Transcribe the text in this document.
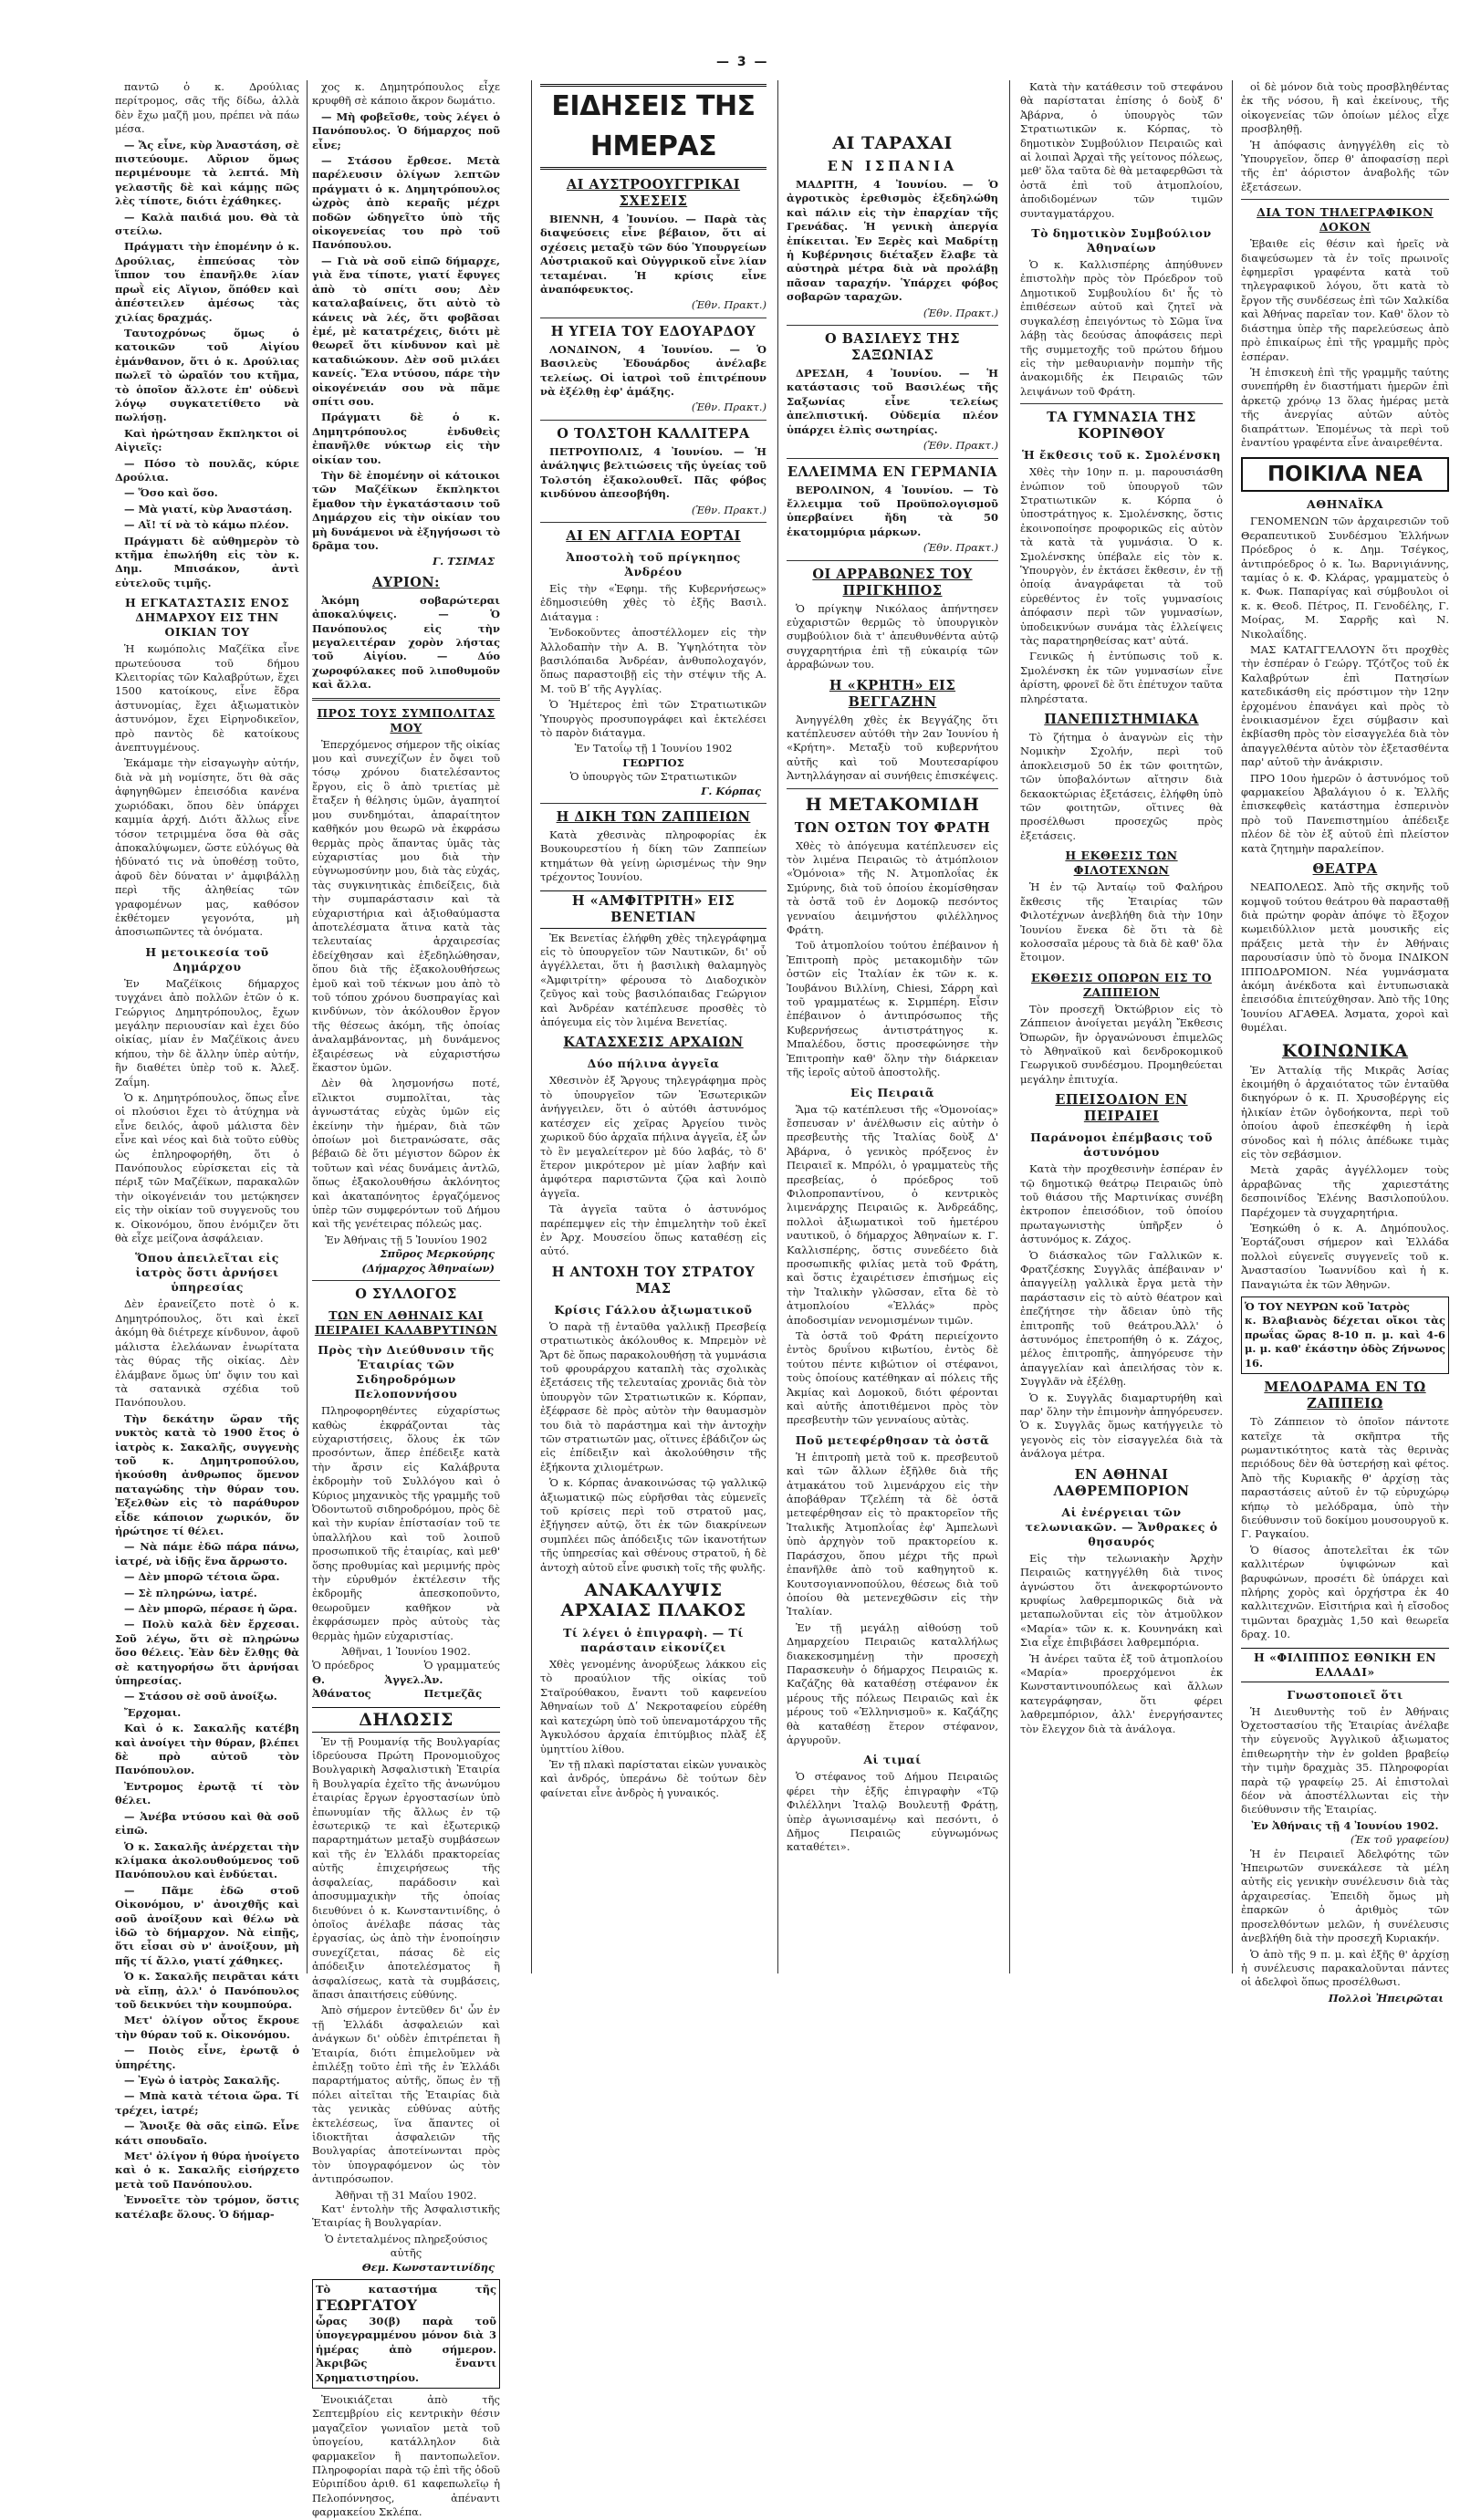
— 3 —

παντῶ ὁ κ. Δρούλιας περίτρομος, σᾶς τῆς δίδω, ἀλλὰ δὲν ἔχω μαζῆ μου, πρέπει νὰ πάω μέσα.

— Ἄς εἶνε, κὺρ Ἀναστάση, σὲ πιστεύουμε. Αὔριον ὅμως περιμένουμε τὰ λεπτά. Μὴ γελαστῆς δὲ καὶ κάμῃς πῶς λὲς τίποτε, διότι ἐχάθηκες.

— Καλὰ παιδιά μου. Θὰ τὰ στείλω.

Πράγματι τὴν ἐπομένην ὁ κ. Δρούλιας, ἐππεύσας τὸν ἵππον του ἐπανῆλθε λίαν πρωῒ εἰς Αἴγιον, ὅπόθεν καὶ ἀπέστειλεν ἀμέσως τὰς χιλίας δραχμάς.

Ταυτοχρόνως ὅμως ὁ κατοικῶν τοῦ Αἰγίου ἐμάνθανον, ὅτι ὁ κ. Δρούλιας πωλεῖ τὸ ὡραῖόν του κτῆμα, τὸ ὁποῖον ἄλλοτε ἐπ' οὐδενὶ λόγῳ συγκατετίθετο νὰ πωλήσῃ.

Καὶ ἠρώτησαν ἔκπληκτοι οἱ Αἰγιεῖς:

— Πόσο τὸ πουλᾶς, κύριε Δρούλια.

— Ὅσο καὶ ὅσο.

— Μὰ γιατί, κὺρ Ἀναστάση.

— Αἴ! τί νὰ τὸ κάμω πλέον.

Πράγματι δὲ αὐθημερὸν τὸ κτῆμα ἐπωλήθη εἰς τὸν κ. Δημ. Μπισάκον, ἀντὶ εὐτελοῦς τιμῆς.

Η ΕΓΚΑΤΑΣΤΑΣΙΣ ΕΝΟΣ ΔΗΜΑΡΧΟΥ ΕΙΣ ΤΗΝ ΟΙΚΙΑΝ ΤΟΥ

Ἡ κωμόπολις Μαζέϊκα εἶνε πρωτεύουσα τοῦ δήμου Κλειτορίας τῶν Καλαβρύτων, ἔχει 1500 κατοίκους, εἶνε ἕδρα ἀστυνομίας, ἔχει ἀξιωματικὸν ἀστυνόμον, ἔχει Εἰρηνοδικεῖον, πρὸ παντὸς δὲ κατοίκους ἀνεπτυγμένους.

Ἐκάμαμε τὴν εἰσαγωγὴν αὐτήν, διὰ νὰ μὴ νομίσητε, ὅτι θὰ σᾶς ἀφηγηθῶμεν ἐπεισόδια κανένα χωριόδακι, ὅπου δὲν ὑπάρχει καμμία ἀρχή. Διότι ἄλλως εἶνε τόσον τετριμμένα ὅσα θὰ σᾶς ἀποκαλύψωμεν, ὥστε εὐλόγως θὰ ἠδύνατό τις νὰ ὑποθέσῃ τοῦτο, ἀφοῦ δὲν δύναται ν' ἀμφιβάλλῃ περὶ τῆς ἀληθείας τῶν γραφομένων μας, καθόσον ἐκθέτομεν γεγονότα, μὴ ἀποσιωπῶντες τὰ ὀνόματα.

Η μετοικεσία τοῦ Δημάρχου

Ἐν Μαζέϊκοις δήμαρχος τυγχάνει ἀπὸ πολλῶν ἐτῶν ὁ κ. Γεώργιος Δημητρόπουλος, ἔχων μεγάλην περιουσίαν καὶ ἐχει δύο οἰκίας, μίαν ἐν Μαζέϊκοις ἀνευ κήπου, τὴν δὲ ἄλλην ὑπὲρ αὐτήν, ἣν διαθέτει ὑπὲρ τοῦ κ. Ἀλεξ. Ζαΐμη.

Ὁ κ. Δημητρόπουλος, ὅπως εἶνε οἱ πλούσιοι ἔχει τὸ ἀτύχημα νὰ εἶνε δειλός, ἀφοῦ μάλιστα δὲν εἶνε καὶ νέος καὶ διὰ τοῦτο εὐθὺς ὡς ἐπληροφορήθη, ὅτι ὁ Πανόπουλος εὑρίσκεται εἰς τὰ πέριξ τῶν Μαζέϊκων, παρακαλῶν τὴν οἰκογένειάν του μετῴκησεν εἰς τὴν οἰκίαν τοῦ συγγενοῦς του κ. Οἰκονόμου, ὅπου ἐνόμιζεν ὅτι θὰ εἶχε μείζονα ἀσφάλειαν.

Ὅπου ἀπειλεῖται εἰς ἰατρὸς ὅστι ἀρνήσει ὑπηρεσίας

Δὲν ἐρανείζετο ποτὲ ὁ κ. Δημητρόπουλος, ὅτι καὶ ἐκεῖ ἀκόμη θὰ διέτρεχε κίνδυνον, ἀφοῦ μάλιστα ἐλελάωναν ἐνωρίτατα τὰς θύρας τῆς οἰκίας. Δὲν ἐλάμβανε ὅμως ὑπ' ὄψιν του καὶ τὰ σατανικὰ σχέδια τοῦ Πανόπουλου.

Τὴν δεκάτην ὥραν τῆς νυκτὸς κατὰ τὸ 1900 ἔτος ὁ ἰατρὸς κ. Σακαλῆς, συγγενὴς τοῦ κ. Δημητροπούλου, ἠκούσθη ἀνθρωπος ὅμενον παταγώδης τὴν θύραν του. Ἐξελθὼν εἰς τὸ παράθυρον εἶδε κάποιον χωρικόν, ὅν ἠρώτησε τί θέλει.

— Νὰ πάμε ἐδῶ πάρα πάνω, ἰατρέ, νὰ ἰδῇς ἕνα ἄρρωστο.

— Δὲν μπορῶ τέτοια ὥρα.

— Σὲ πληρώνω, ἰατρέ.

— Δὲν μπορῶ, πέρασε ἡ ὥρα.

— Πολὺ καλὰ δὲν ἔρχεσαι. Σοῦ λέγω, ὅτι σὲ πληρώνω ὅσο θέλεις. Ἐὰν δὲν ἔλθῃς θὰ σὲ κατηγορήσω ὅτι ἀρνήσαι ὑπηρεσίας.

— Στάσου σὲ σοῦ ἀνοίξω.

Ἔρχομαι.

Καὶ ὁ κ. Σακαλῆς κατέβη καὶ ἀνοίγει τὴν θύραν, βλέπει δὲ πρὸ αὐτοῦ τὸν Πανόπουλον.

Ἐντρομος ἐρωτᾷ τί τὸν θέλει.

— Ἀνέβα ντύσου καὶ θὰ σοῦ εἰπῶ.

Ὁ κ. Σακαλῆς ἀνέρχεται τὴν κλίμακα ἀκολουθούμενος τοῦ Πανόπουλου καὶ ἐνδύεται.

— Πᾶμε ἐδῶ στοῦ Οἰκονόμου, ν' ἀνοιχθῆς καὶ σοῦ ἀνοίξουν καὶ θέλω νὰ ἰδῶ τὸ δήμαρχον. Νὰ εἰπῇς, ὅτι εἶσαι σὺ ν' ἀνοίξουν, μὴ πῆς τί ἄλλο, γιατί χάθηκες.

Ὁ κ. Σακαλῆς πειρᾶται κάτι νὰ εἴπῃ, ἀλλ' ὁ Πανόπουλος τοῦ δεικνύει τὴν κουμπούρα.

Μετ' ὀλίγον οὗτος ἔκρουε τὴν θύραν τοῦ κ. Οἰκονόμου.

— Ποιὸς εἶνε, ἐρωτᾷ ὁ ὑπηρέτης.

— Ἐγὼ ὁ ἰατρὸς Σακαλῆς.

— Μπὰ κατὰ τέτοια ὥρα. Τί τρέχει, ἰατρέ;

— Ἄνοιξε θὰ σᾶς εἰπῶ. Εἶνε κάτι σπουδαῖο.

Μετ' ὀλίγον ἡ θύρα ἠνοίγετο καὶ ὁ κ. Σακαλῆς εἰσήρχετο μετὰ τοῦ Πανόπουλου.

Ἐννοεῖτε τὸν τρόμον, ὅστις κατέλαβε ὅλους. Ὁ δήμαρ-

χος κ. Δημητρόπουλος εἶχε κρυφθῆ σὲ κάποιο ἄκρον δωμάτιο.

— Μὴ φοβεῖσθε, τοὺς λέγει ὁ Πανόπουλος. Ὁ δήμαρχος ποῦ εἶνε;

— Στάσου ἔρθεσε. Μετὰ παρέλευσιν ὀλίγων λεπτῶν πράγματι ὁ κ. Δημητρόπουλος ὠχρὸς ἀπὸ κεραῆς μέχρι ποδῶν ὡδηγεῖτο ὑπὸ τῆς οἰκογενείας του πρὸ τοῦ Πανόπουλου.

— Γιὰ νὰ σοῦ εἰπῶ δήμαρχε, γιὰ ἕνα τίποτε, γιατί ἔφυγες ἀπὸ τὸ σπίτι σου; Δὲν καταλαβαίνεις, ὅτι αὐτὸ τὸ κάνεις νὰ λές, ὅτι φοβᾶσαι ἐμέ, μὲ κατατρέχεις, διότι μὲ θεωρεῖ ὅτι κίνδυνον καὶ μὲ καταδιώκουν. Δὲν σοῦ μιλάει κανείς. Ἔλα ντύσου, πάρε τὴν οἰκογένειάν σου νὰ πᾶμε σπίτι σου.

Πράγματι δὲ ὁ κ. Δημητρόπουλος ἐνδυθεὶς ἐπανῆλθε νύκτωρ εἰς τὴν οἰκίαν του.

Τὴν δὲ ἐπομένην οἱ κάτοικοι τῶν Μαζέϊκων ἔκπληκτοι ἔμαθον τὴν ἐγκατάστασιν τοῦ Δημάρχου εἰς τὴν οἰκίαν του μὴ δυνάμενοι νὰ ἐξηγήσωσι τὸ δρᾶμα του.

Γ. ΤΣΙΜΑΣ
ΑΥΡΙΟΝ:

Ἀκόμη σοβαρώτεραι ἀποκαλύψεις. — Ὁ Πανόπουλος εἰς τὴν μεγαλειτέραν χορὸν λήστας τοῦ Αἰγίου. — Δύο χωροφύλακες ποῦ λιποθυμοῦν καὶ ἄλλα.

ΠΡΟΣ ΤΟΥΣ ΣΥΜΠΟΛΙΤΑΣ ΜΟΥ

Ἐπερχόμενος σήμερον τῆς οἰκίας μου καὶ συνεχίζων ἐν ὄψει τοῦ τόσῳ χρόνου διατελέσαντος ἔργου, εἰς ὃ ἀπὸ τριετίας μὲ ἔταξεν ἡ θέλησις ὑμῶν, ἀγαπητοί μου συνδημόται, ἀπαραίτητον καθῆκόν μου θεωρῶ νὰ ἐκφράσω θερμὰς πρὸς ἅπαντας ὑμᾶς τὰς εὐχαριστίας μου διὰ τὴν εὐγνωμοσύνην μου, διὰ τὰς εὐχάς, τὰς συγκινητικὰς ἐπιδείξεις, διὰ τὴν συμπαράστασιν καὶ τὰ εὐχαριστήρια καὶ ἀξιοθαύμαστα ἀποτελέσματα ἅτινα κατὰ τὰς τελευταίας ἀρχαιρεσίας ἐδείχθησαν καὶ ἐξεδηλώθησαν, ὅπου διὰ τῆς ἐξακολουθήσεως ἐμοῦ καὶ τοῦ τέκνων μου ἀπὸ τὸ τοῦ τόπου χρόνου δυσπραγίας καὶ κινδύνων, τὸν ἀκόλουθον ἔργον τῆς θέσεως ἀκόμη, τῆς ὁποίας ἀναλαμβάνοντας, μὴ δυνάμενος ἐξαιρέσεως νὰ εὐχαριστήσω ἕκαστον ὑμῶν.

Δὲν θὰ λησμονήσω ποτέ, εἴλικτοι συμπολῖται, τὰς ἀγνωστάτας εὐχὰς ὑμῶν εἰς ἐκείνην τὴν ἡμέραν, διὰ τῶν ὁποίων μοὶ διετρανώσατε, σᾶς βέβαιῶ δὲ ὅτι μέγιστον δῶρον ἐκ τοῦτων καὶ νέας δυνάμεις ἀντλῶ, ὅπως ἐξακολουθήσω ἀκλόνητος καὶ ἀκαταπόνητος ἐργαζόμενος ὑπὲρ τῶν συμφερόντων τοῦ Δήμου καὶ τῆς γενέτειρας πόλεώς μας.

Ἐν Ἀθήναις τῇ 5 Ἰουνίου 1902
Σπῦρος Μερκούρης
(Δήμαρχος Ἀθηναίων)
Ο ΣΥΛΛΟΓΟΣ
ΤΩΝ ΕΝ ΑΘΗΝΑΙΣ ΚΑΙ ΠΕΙΡΑΙΕΙ ΚΑΛΑΒΡΥΤΙΝΩΝ
Πρὸς τὴν Διεύθυνσιν τῆς Ἑταιρίας τῶν Σιδηροδρόμων Πελοποννήσου

Πληροφορηθέντες εὐχαρίστως καθὼς ἐκφράζονται τὰς εὐχαριστήσεις, ὅλους ἐκ τῶν προσόντων, ἅπερ ἐπέδειξε κατὰ τὴν ἄρσιν εἰς Καλάβρυτα ἐκδρομὴν τοῦ Συλλόγου καὶ ὁ Κύριος μηχανικὸς τῆς γραμμῆς τοῦ Ὀδοντωτοῦ σιδηροδρόμου, πρὸς δὲ καὶ τὴν κυρίαν ἐπίστασίαν τοῦ τε ὑπαλλήλου καὶ τοῦ λοιποῦ προσωπικοῦ τῆς ἑταιρίας, καὶ μεθ' ὅσης προθυμίας καὶ μεριμνής πρὸς τὴν εὐρυθμόν ἐκτέλεσιν τῆς ἐκδρομῆς ἀπεσκοποῦντο, θεωροῦμεν καθῆκον νὰ ἐκφράσωμεν πρὸς αὐτοὺς τὰς θερμὰς ἡμῶν εὐχαριστίας.

Ἀθῆναι, 1 Ἰουνίου 1902.
Ὁ πρόεδρος	Ὁ γραμματεύς
Θ. Ἀγγελ. Ἀθάνατος
Ἀν. Πετμεζᾶς
ΔΗΛΩΣΙΣ

Ἐν τῇ Ρουμανίᾳ τῆς Βουλγαρίας ἱδρεύουσα Πρώτη Προνομιοῦχος Βουλγαρικὴ Ἀσφαλιστικὴ Ἑταιρία ἢ Βουλγαρία ἐχεῖτο τῆς ἀνωνύμου ἑταιρίας ἔργων ἐργοστασίων ὑπὸ ἐπωνυμίαν τῆς ἄλλως ἐν τῷ ἐσωτερικῷ τε καὶ ἐξωτερικῷ παραρτημάτων μεταξὺ συμβάσεων καὶ τῆς ἐν Ἑλλάδι πρακτορείας αὐτῆς ἐπιχειρήσεως τῆς ἀσφαλείας, παράδοσιν καὶ ἀποσυμμαχικὴν τῆς ὁποίας διευθύνει ὁ κ. Κωνσταντινίδης, ὁ ὁποῖος ἀνέλαβε πάσας τὰς ἐργασίας, ὡς ἀπὸ τὴν ἐνοποίησιν συνεχίζεται, πάσας δὲ εἰς ἀπόδειξιν ἀποτελέσματος ἢ ἀσφαλίσεως, κατὰ τὰ συμβάσεις, ἅπασι ἀπαιτήσεις εὐθύνης.

Ἀπὸ σήμερον ἐντεῦθεν δι' ὧν ἐν τῇ Ἑλλάδι ἀσφαλειών καὶ ἀνάγκων δι' οὐδὲν ἐπιτρέπεται ἢ Ἑταιρία, διότι ἐπιμελοῦμεν νὰ ἐπιλέξῃ τοῦτο ἐπὶ τῆς ἐν Ἑλλάδι παραρτήματος αὐτῆς, ὅπως ἐν τῇ πόλει αἰτεῖται τῆς Ἑταιρίας διὰ τὰς γενικὰς εὐθύνας αὐτῆς ἐκτελέσεως, ἵνα ἅπαντες οἱ ἰδιοκτῆται ἀσφαλειῶν τῆς Βουλγαρίας ἀποτείνωνται πρὸς τὸν ὑπογραφόμενον ὡς τὸν ἀντιπρόσωπον.

Ἀθῆναι τῇ 31 Μαΐου 1902.

Κατ' ἐντολὴν τῆς Ἀσφαλιστικῆς Ἑταιρίας ἢ Βουλγαρίαν.

Ὁ ἐντεταλμένος πληρεξούσιος αὐτῆς
Θεμ. Κωνσταντινίδης
Τὸ καταστήμα τῆς ΓΕΩΡΓΑΤΟΥ
ὦρας 30(β) παρὰ τοῦ ὑπογεγραμμένου μόνον διὰ 3 ἡμέρας ἀπὸ σήμερον. Ἀκριβῶς ἔναντι Χρηματιστηρίου.

Ἐνοικιάζεται ἀπὸ τῆς Σεπτεμβρίου εἰς κεντρικὴν θέσιν μαγαζεῖον γωνιαῖον μετὰ τοῦ ὑπογείου, κατάλληλον διὰ φαρμακεῖον ἢ παντοπωλεῖον. Πληροφορίαι παρὰ τῷ ἐπὶ τῆς ὁδοῦ Εὐριπίδου ἀριθ. 61 καφεπωλεῖῳ ἡ Πελοπόννησος, ἀπέναντι φαρμακείου Σκλέπα.

ΕΙΔΗΣΕΙΣ ΤΗΣ ΗΜΕΡΑΣ
ΑΙ ΑΥΣΤΡΟΟΥΓΓΡΙΚΑΙ ΣΧΕΣΕΙΣ

ΒΙΕΝΝΗ, 4 Ἰουνίου. — Παρὰ τὰς διαψεύσεις εἶνε βέβαιον, ὅτι αἱ σχέσεις μεταξὺ τῶν δύο Ὑπουργείων Αὐστριακοῦ καὶ Οὐγγρικοῦ εἶνε λίαν τεταμέναι. Ἡ κρίσις εἶνε ἀναπόφευκτος.

(Ἐθν. Πρακτ.)
Η ΥΓΕΙΑ ΤΟΥ ΕΔΟΥΑΡΔΟΥ

ΛΟΝΔΙΝΟΝ, 4 Ἰουνίου. — Ὁ Βασιλεὺς Ἐδουάρδος ἀνέλαβε τελείως. Οἱ ἰατροὶ τοῦ ἐπιτρέπουν νὰ ἐξέλθῃ ἐφ' ἁμάξης.

(Ἐθν. Πρακτ.)
Ο ΤΟΛΣΤΟΗ ΚΑΛΛΙΤΕΡΑ

ΠΕΤΡΟΥΠΟΛΙΣ, 4 Ἰουνίου. — Ἡ ἀνάληψις βελτιώσεις τῆς ὑγείας τοῦ Τολστόη ἐξακολουθεῖ. Πᾶς φόβος κινδύνου ἀπεσοβήθη.

(Ἐθν. Πρακτ.)
ΑΙ ΕΝ ΑΓΓΛΙΑ ΕΟΡΤΑΙ
Ἀποστολὴ τοῦ πρίγκηπος Ἀνδρέου

Εἰς τὴν «Ἐφημ. τῆς Κυβερνήσεως» ἐδημοσιεύθη χθὲς τὸ ἑξῆς Βασιλ. Διάταγμα :

Ἐνδοκοῦντες ἀποστέλλομεν εἰς τὴν Ἀλλοδαπὴν τὴν Α. Β. Ὑψηλότητα τὸν βασιλόπαιδα Ἀνδρέαν, ἀνθυπολοχαγόν, ὅπως παραστοιβῇ εἰς τὴν στέψιν τῆς Α. Μ. τοῦ Βʹ τῆς Αγγλίας.

Ὁ Ἡμέτερος ἐπὶ τῶν Στρατιωτικῶν Ὑπουργὸς προσυπογράφει καὶ ἐκτελέσει τὸ παρὸν διάταγμα.

Ἐν Τατοΐῳ τῇ 1 Ἰουνίου 1902
ΓΕΩΡΓΙΟΣ
Ὁ ὑπουργὸς τῶν Στρατιωτικῶν
Γ. Κόρπας
Η ΔΙΚΗ ΤΩΝ ΖΑΠΠΕΙΩΝ

Κατὰ χθεσινὰς πληροφορίας ἐκ Βουκουρεστίου ἡ δίκη τῶν Ζαππείων κτημάτων θὰ γείνῃ ὡρισμένως τὴν 9ην τρέχοντος Ἰουνίου.

Η «ΑΜΦΙΤΡΙΤΗ» ΕΙΣ ΒΕΝΕΤΙΑΝ

Ἐκ Βενετίας ἐλήφθη χθὲς τηλεγράφημα εἰς τὸ ὑπουργεῖον τῶν Ναυτικῶν, δι' οὗ ἀγγέλλεται, ὅτι ἡ βασιλικὴ θαλαμηγὸς «Ἀμφιτρίτη» φέρουσα τὸ Διαδοχικὸν ζεῦγος καὶ τοὺς βασιλόπαιδας Γεώργιον καὶ Ἀνδρέαν κατέπλευσε προσθὲς τὸ ἀπόγευμα εἰς τὸν λιμένα Βενετίας.

ΚΑΤΑΣΧΕΣΙΣ ΑΡΧΑΙΩΝ
Δύο πήλινα ἀγγεῖα

Χθεσινὸν ἐξ Ἄργους τηλεγράφημα πρὸς τὸ ὑπουργεῖον τῶν Ἐσωτερικῶν ἀνήγγειλεν, ὅτι ὁ αὐτόθι ἀστυνόμος κατέσχεν εἰς χεῖρας Ἀργείου τινὸς χωρικοῦ δύο ἀρχαῖα πήλινα ἀγγεῖα, ἐξ ὧν τὸ ἓν μεγαλείτερον μὲ δύο λαβάς, τὸ δ' ἕτερον μικρότερον μὲ μίαν λαβήν καὶ ἀμφότερα παριστῶντα ζῷα καὶ λοιπὸ ἀγγεῖα.

Τὰ ἀγγεῖα ταῦτα ὁ ἀστυνόμος παρέπεμψεν εἰς τὴν ἐπιμελητὴν τοῦ ἐκεῖ ἐν Ἀρχ. Μουσείου ὅπως καταθέσῃ εἰς αὐτό.

Η ΑΝΤΟΧΗ ΤΟΥ ΣΤΡΑΤΟΥ ΜΑΣ
Κρίσις Γάλλου ἀξιωματικοῦ

Ὁ παρὰ τῇ ἐνταῦθα γαλλικῇ Πρεσβείᾳ στρατιωτικὸς ἀκόλουθος κ. Μπρεμὸν νὲ Ἄρτ δὲ ὅπως παρακολουθήσῃ τὰ γυμνάσια τοῦ φρουράρχου καταπλὴ τὰς σχολικὰς ἐξετάσεις τῆς τελευταίας χρονιᾶς διὰ τὸν ὑπουργὸν τῶν Στρατιωτικῶν κ. Κόρπαν, ἐξέφρασε δὲ πρὸς αὐτὸν τὴν θαυμασμὸν του διὰ τὸ παράστημα καὶ τὴν ἀντοχὴν τῶν στρατιωτῶν μας, οἵτινες ἐβάδιζον ὡς εἰς ἐπίδειξιν καὶ ἀκολούθησιν τῆς ἑξήκοντα χιλιομέτρων.

Ὁ κ. Κόρπας ἀνακοινώσας τῷ γαλλικῷ ἀξιωματικῷ πὼς εὑρῆσθαι τὰς εὐμενεῖς τοῦ κρίσεις περὶ τοῦ στρατοῦ μας, ἐξήγησεν αὐτῷ, ὅτι ἐκ τῶν διακρίνεων συμπλέει πῶς ἀπόδειξις τῶν ἱκανοτήτων τῆς ὑπηρεσίας καὶ σθένους στρατοῦ, ἡ δὲ ἀντοχὴ αὐτοῦ εἶνε φυσικὴ τοῖς τῆς φυλῆς.

ΑΝΑΚΑΛΥΨΙΣ ΑΡΧΑΙΑΣ ΠΛΑΚΟΣ
Τί λέγει ὁ ἐπιγραφὴ. — Τί παράσταιν εἰκονίζει

Χθὲς γενομένης ἀνορύξεως λάκκου εἰς τὸ προαύλιον τῆς οἰκίας τοῦ Σταϊρούθακου, ἔναντι τοῦ καφενείου Ἀθηναίων τοῦ Δʹ Νεκροταφείου εὑρέθη καὶ κατεχώρη ὑπὸ τοῦ ὑπεναμοτάρχου τῆς Ἀγκυλόσου ἀρχαία ἐπιτύμβιος πλὰξ ἐξ ὑμηττίου λίθου.

Ἐν τῇ πλακὶ παρίσταται εἰκὼν γυναικὸς καὶ ἀνδρός, ὑπεράνω δὲ τούτων δὲν φαίνεται εἶνε ἀνδρὸς ἡ γυναικός.

ΑΙ ΤΑΡΑΧΑΙ
ΕΝ ΙΣΠΑΝΙΑ

ΜΑΔΡΙΤΗ, 4 Ἰουνίου. — Ὁ ἀγροτικὸς ἐρεθισμὸς ἐξεδηλώθη καὶ πάλιν εἰς τὴν ἐπαρχίαν τῆς Γρενάδας. Ἡ γενικὴ ἀπεργία ἐπίκειται. Ἐν Ξερὲς καὶ Μαδρίτῃ ἡ Κυβέρνησις διέταξεν ἔλαβε τὰ αὐστηρὰ μέτρα διὰ νὰ προλάβῃ πᾶσαν ταραχήν. Ὑπάρχει φόβος σοβαρῶν ταραχῶν.

(Ἐθν. Πρακτ.)
Ο ΒΑΣΙΛΕΥΣ ΤΗΣ ΣΑΞΩΝΙΑΣ

ΔΡΕΣΔΗ, 4 Ἰουνίου. — Ἡ κατάστασις τοῦ Βασιλέως τῆς Σαξωνίας εἶνε τελείως ἀπελπιστική. Οὐδεμία πλέον ὑπάρχει ἐλπὶς σωτηρίας.

(Ἐθν. Πρακτ.)
ΕΛΛΕΙΜΜΑ ΕΝ ΓΕΡΜΑΝΙΑ

ΒΕΡΟΛΙΝΟΝ, 4 Ἰουνίου. — Τὸ ἔλλειμμα τοῦ Προϋπολογισμοῦ ὑπερβαίνει ἤδη τὰ 50 ἑκατομμύρια μάρκων.

(Ἐθν. Πρακτ.)
ΟΙ ΑΡΡΑΒΩΝΕΣ ΤΟΥ ΠΡΙΓΚΗΠΟΣ

Ὁ πρίγκηψ Νικόλαος ἀπήντησεν εὐχαριστῶν θερμῶς τὸ ὑπουργικὸν συμβούλιον διὰ τ' ἀπευθυνθέντα αὐτῷ συγχαρητήρια ἐπὶ τῇ εὐκαιρίᾳ τῶν ἀρραβώνων του.

Η «ΚΡΗΤΗ» ΕΙΣ ΒΕΓΓΑΖΗΝ

Ἀνηγγέλθη χθὲς ἐκ Βεγγάζης ὅτι κατέπλευσεν αὐτόθι τὴν 2αν Ἰουνίου ἡ «Κρήτη». Μεταξὺ τοῦ κυβερνήτου αὐτῆς καὶ τοῦ Μουτεσαρίφου Ἀντηλλάγησαν αἱ συνήθεις ἐπισκέψεις.

Η ΜΕΤΑΚΟΜΙΔΗ
ΤΩΝ ΟΣΤΩΝ ΤΟΥ ΦΡΑΤΗ

Χθὲς τὸ ἀπόγευμα κατέπλευσεν εἰς τὸν λιμένα Πειραιῶς τὸ ἀτμόπλοιον «Ὁμόνοια» τῆς Ν. Ἀτμοπλοΐας ἐκ Σμύρνης, διὰ τοῦ ὁποίου ἐκομίσθησαν τὰ ὀστᾶ τοῦ ἐν Δομοκῷ πεσόντος γενναίου ἀειμνήστου φιλέλληνος Φράτη.

Τοῦ ἀτμοπλοίου τούτου ἐπέβαινον ἡ Ἐπιτροπὴ πρὸς μετακομιδὴν τῶν ὀστῶν εἰς Ἰταλίαν ἐκ τῶν κ. κ. Ἰουβάνου Βιλλίνη, Chiesi, Σάρρη καὶ τοῦ γραμματέως κ. Σιρμπέρη. Εἶσιν ἐπέβαινον ὁ ἀντιπρόσωπος τῆς Κυβερνήσεως ἀντιστράτηγος κ. Μπαλέδου, ὅστις προσεφώνησε τὴν Ἐπιτροπὴν καθ' ὅλην τὴν διάρκειαν τῆς ἱεροῖς αὐτοῦ ἀποστολῆς.

Εἰς Πειραιᾶ

Ἅμα τῷ κατέπλευσι τῆς «Ὁμονοίας» ἔσπευσαν ν' ἀνέλθωσιν εἰς αὐτὴν ὁ πρεσβευτὴς τῆς Ἰταλίας δοὺξ Δ' Ἀβάρνα, ὁ γενικὸς πρόξενος ἐν Πειραιεῖ κ. Μπρόλι, ὁ γραμματεὺς τῆς πρεσβείας, ὁ πρόεδρος τοῦ Φιλοπροπαντίνου, ὁ κεντρικὸς λιμενάρχης Πειραιῶς κ. Ἀνδρεάδης, πολλοὶ ἀξιωματικοὶ τοῦ ἡμετέρου ναυτικοῦ, ὁ δήμαρχος Ἀθηναίων κ. Γ. Καλλισπέρης, ὅστις συνεδέετο διὰ προσωπικῆς φιλίας μετὰ τοῦ Φράτη, καὶ ὅστις ἐχαιρέτισεν ἐπισήμως εἰς τὴν Ἰταλικὴν γλῶσσαν, εἴτα δὲ τὸ ἀτμοπλοίου «Ἑλλάς» πρὸς ἀποδοσιμίαν νενομισμένων τιμῶν.

Τὰ ὀστᾶ τοῦ Φράτη περιείχοντο ἐντὸς δρυΐνου κιβωτίου, ἐντὸς δὲ τούτου πέντε κιβώτιον οἱ στέφανοι, τοὺς ὁποίους κατέθηκαν αἱ πόλεις τῆς Ἀκμίας καὶ Δομοκοῦ, διότι φέρονται καὶ αὐτῆς ἀποτιθέμενοι πρὸς τὸν πρεσβευτὴν τῶν γενναίους αὐτὰς.

Ποῦ μετεφέρθησαν τὰ ὀστᾶ

Ἡ ἐπιτροπὴ μετὰ τοῦ κ. πρεσβευτοῦ καὶ τῶν ἄλλων ἐξῆλθε διὰ τῆς ἀτμακάτου τοῦ λιμενάρχου εἰς τὴν ἀποβάθραν Τζελέπη τὰ δὲ ὀστᾶ μετεφέρθησαν εἰς τὸ πρακτορεῖον τῆς Ἰταλικῆς Ἀτμοπλοΐας ἐφ' Ἀμπελωνὶ ὑπὸ ἀρχηγὸν τοῦ πρακτορείου κ. Παράσχου, ὅπου μέχρι τῆς πρωὶ ἐπανῆλθε ἀπὸ τοῦ καθηγητοῦ κ. Κουτσογιαννοπούλου, θέσεως διὰ τοῦ ὁποίου θὰ μετενεχθῶσιν εἰς τὴν Ἰταλίαν.

Ἐν τῇ μεγάλῃ αἰθούσῃ τοῦ Δημαρχείου Πειραιῶς καταλλήλως διακεκοσμημένῃ τὴν προσεχὴ Παρασκευὴν ὁ δήμαρχος Πειραιῶς κ. Καζάζης θὰ καταθέσῃ στέφανον ἐκ μέρους τῆς πόλεως Πειραιῶς καὶ ἐκ μέρους τοῦ «Ἑλληνισμοῦ» κ. Καζάζης θὰ καταθέσῃ ἕτερον στέφανον, ἀργυροῦν.

Αἱ τιμαί

Ὁ στέφανος τοῦ Δήμου Πειραιῶς φέρει τὴν ἑξῆς ἐπιγραφὴν «Τῷ Φιλέλληνι Ἰταλῷ Βουλευτῇ Φράτῃ, ὑπὲρ ἀγωνισαμένῳ καὶ πεσόντι, ὁ Δῆμος Πειραιῶς εὐγνωμόνως καταθέτει».

Κατὰ τὴν κατάθεσιν τοῦ στεφάνου θὰ παρίσταται ἐπίσης ὁ δοὺξ δ' Ἀβάρνα, ὁ ὑπουργὸς τῶν Στρατιωτικῶν κ. Κόρπας, τὸ δημοτικὸν Συμβούλιον Πειραιῶς καὶ αἱ λοιπαὶ Ἀρχαὶ τῆς γείτονος πόλεως, μεθ' ὅλα ταῦτα δὲ θὰ μεταφερθῶσι τὰ ὀστᾶ ἐπὶ τοῦ ἀτμοπλοίου, ἀποδιδομένων τῶν τιμῶν συνταγματάρχου.

Τὸ δημοτικὸν Συμβούλιον Ἀθηναίων

Ὁ κ. Καλλισπέρης ἀπηύθυνεν ἐπιστολὴν πρὸς τὸν Πρόεδρον τοῦ Δημοτικοῦ Συμβουλίου δι' ἧς τὸ ἐπιθέσεων αὐτοῦ καὶ ζητεῖ νὰ συγκαλέσῃ ἐπειγόντως τὸ Σῶμα ἵνα λάβῃ τὰς δεούσας ἀποφάσεις περὶ τῆς συμμετοχῆς τοῦ πρώτου δήμου εἰς τὴν μεθαυριανὴν πομπὴν τῆς ἀνακομιδῆς ἐκ Πειραιῶς τῶν λειψάνων τοῦ Φράτη.

ΤΑ ΓΥΜΝΑΣΙΑ ΤΗΣ ΚΟΡΙΝΘΟΥ
Ἡ ἔκθεσις τοῦ κ. Σμολένσκη

Χθὲς τὴν 10ην π. μ. παρουσιάσθη ἐνώπιον τοῦ ὑπουργοῦ τῶν Στρατιωτικῶν κ. Κόρπα ὁ ὑποστράτηγος κ. Σμολένσκης, ὅστις ἐκοινοποίησε προφορικῶς εἰς αὐτὸν τὰ κατὰ τὰ γυμνάσια. Ὁ κ. Σμολένσκης ὑπέβαλε εἰς τὸν κ. Ὑπουργὸν, ἐν ἐκτάσει ἔκθεσιν, ἐν τῇ ὁποίᾳ ἀναγράφεται τὰ τοῦ εὑρεθέντος ἐν τοῖς γυμνασίοις ἀπόφασιν περὶ τῶν γυμνασίων, ὑποδεικνύων συνάμα τὰς ἐλλείψεις τὰς παρατηρηθείσας κατ' αὐτά.

Γενικῶς ἡ ἐντύπωσις τοῦ κ. Σμολένσκη ἐκ τῶν γυμνασίων εἶνε ἀρίστη, φρονεῖ δὲ ὅτι ἐπέτυχον ταῦτα πληρέστατα.

ΠΑΝΕΠΙΣΤΗΜΙΑΚΑ

Τὸ ζήτημα ὁ ἀναγνὼν εἰς τὴν Νομικὴν Σχολήν, περὶ τοῦ ἀποκλεισμοῦ 50 ἐκ τῶν φοιτητῶν, τῶν ὑποβαλόντων αἴτησιν διὰ δεκαοκτώριας ἐξετάσεις, ἐλήφθη ὑπὸ τῶν φοιτητῶν, οἵτινες θὰ προσέλθωσι προσεχῶς πρὸς ἐξετάσεις.

Η ΕΚΘΕΣΙΣ ΤΩΝ ΦΙΛΟΤΕΧΝΩΝ

Ἡ ἐν τῷ Ἀνταίῳ τοῦ Φαλήρου ἔκθεσις τῆς Ἑταιρίας τῶν Φιλοτέχνων ἀνεβλήθη διὰ τὴν 10ην Ἰουνίου ἕνεκα δὲ ὅτι τὰ δὲ κολοσσαῖα μέρους τὰ διὰ δὲ καθ' ὅλα ἔτοιμον.

ΕΚΘΕΣΙΣ ΟΠΩΡΩΝ ΕΙΣ ΤΟ ΖΑΠΠΕΙΟΝ

Τὸν προσεχῆ Ὀκτώβριον εἰς τὸ Ζάππειον ἀνοίγεται μεγάλη Ἔκθεσις Ὀπωρῶν, ἣν ὀργανώνουσι ἐπιμελῶς τὸ Ἀθηναϊκοῦ καὶ δενδροκομικοῦ Γεωργικοῦ συνδέσμου. Προμηθεύεται μεγάλην ἐπιτυχία.

ΕΠΕΙΣΟΔΙΟΝ ΕΝ ΠΕΙΡΑΙΕΙ
Παράνομοι ἐπέμβασις τοῦ ἀστυνόμου

Κατὰ τὴν προχθεσινὴν ἑσπέραν ἐν τῷ δημοτικῷ θεάτρῳ Πειραιῶς ὑπὸ τοῦ θιάσου τῆς Μαρτινίκας συνέβη ἐκτροπον ἐπεισόδιον, τοῦ ὁποίου πρωταγωνιστὴς ὑπῆρξεν ὁ ἀστυνόμος κ. Ζάχος.

Ὁ διάσκαλος τῶν Γαλλικῶν κ. Φρατζέσκης Συγγλᾶς ἀπέβαιναν ν' ἀπαγγείλῃ γαλλικὰ ἔργα μετὰ τὴν παράστασιν εἰς τὸ αὐτὸ θέατρον καὶ ἐπεζήτησε τὴν ἄδειαν ὑπὸ τῆς ἐπιτροπῆς τοῦ θεάτρου.Ἀλλ' ὁ ἀστυνόμος ἐπετροπήθη ὁ κ. Ζάχος, μέλος ἐπιτροπῆς, ἀπηγόρευσε τὴν ἀπαγγελίαν καὶ ἀπειλήσας τὸν κ. Συγγλᾶν νὰ ἐξέλθῃ.

Ὁ κ. Συγγλᾶς διαμαρτυρήθη καὶ παρ' ὅλην τὴν ἐπιμονὴν ἀπηγόρευσεν. Ὁ κ. Συγγλᾶς ὅμως κατήγγειλε τὸ γεγονὸς εἰς τὸν εἰσαγγελέα διὰ τὰ ἀνάλογα μέτρα.

ΕΝ ΑΘΗΝΑΙ ΛΑΘΡΕΜΠΟΡΙΟΝ
Αἱ ἐνέργειαι τῶν τελωνιακῶν. — Ἄνθρακες ὁ θησαυρός

Εἰς τὴν τελωνιακὴν Ἀρχὴν Πειραιῶς κατηγγέλθη διὰ τινος ἀγνώστου ὅτι ἀνεκφορτώνοντο κρυφίως λαθρεμπορικῶς διὰ νὰ μεταπωλοῦνται εἰς τὸν ἀτμοῦλκον «Μαρία» τῶν κ. κ. Κουνηνάκη καὶ Σια εἶχε ἐπιβιβάσει λαθρεμπόρια.

Ἡ ἀνέρει ταῦτα ἐξ τοῦ ἀτμοπλοίου «Μαρία» προερχόμενοι ἐκ Κωνσταντινουπόλεως καὶ ἄλλων κατεγράφησαν, ὅτι φέρει λαθρεμπόριον, ἀλλ' ἐνεργήσαντες τὸν ἔλεγχον διὰ τὰ ἀνάλογα.

οἱ δὲ μόνον διὰ τοὺς προσβληθέντας ἐκ τῆς νόσου, ἢ καὶ ἐκείνους, τῆς οἰκογενείας τῶν ὁποίων μέλος εἶχε προσβληθῇ.

Ἡ ἀπόφασις ἀνηγγέλθη εἰς τὸ Ὑπουργεῖον, ὅπερ θ' ἀποφασίσῃ περὶ τῆς ἐπ' ἀόριστον ἀναβολῆς τῶν ἐξετάσεων.

ΔΙΑ ΤΟΝ ΤΗΛΕΓΡΑΦΙΚΟΝ ΔΟΚΟΝ

Ἐβαιθε εἰς θέσιν καὶ ἠρεῖς νὰ διαψεύσωμεν τὰ ἐν τοῖς πρωινοῖς ἐφημερῖσι γραφέντα κατὰ τοῦ τηλεγραφικοῦ λόγου, ὅτι κατὰ τὸ ἔργον τῆς συνδέσεως ἐπὶ τῶν Χαλκίδα καὶ Ἀθήνας παρεῖαν τον. Καθ' ὅλον τὸ διάστημα ὑπὲρ τῆς παρελεύσεως ἀπὸ πρὸ ἐπικαίρως ἐπὶ τῆς γραμμῆς πρὸς ἑσπέραν.

Ἡ ἐπισκευὴ ἐπὶ τῆς γραμμῆς ταύτης συνεπήρθη ἐν διαστήματι ἡμερῶν ἐπὶ ἀρκετῷ χρόνῳ 13 ὅλας ἡμέρας μετὰ τῆς ἀνεργίας αὐτῶν αὐτὸς διαπράττων. Ἑπομένως τὰ περὶ τοῦ ἐναντίου γραφέντα εἶνε ἀναιρεθέντα.

ΠΟΙΚΙΛΑ ΝΕΑ
ΑΘΗΝΑΪΚΑ

ΓΕΝΟΜΕΝΩΝ τῶν ἀρχαιρεσιῶν τοῦ Θεραπευτικοῦ Συνδέσμου Ἐλλήνων Πρόεδρος ὁ κ. Δημ. Τσέγκος, ἀντιπρόεδρος ὁ κ. Ἰω. Βαρνιγιάννης, ταμίας ὁ κ. Φ. Κλάρας, γραμματεὺς ὁ κ. Φωκ. Παπαρίγας καὶ σύμβουλοι οἱ κ. κ. Θεοδ. Πέτρος, Π. Γενοδέλης, Γ. Μοίρας, Μ. Σαρρῆς καὶ Ν. Νικολαΐδης.

ΜΑΣ ΚΑΤΑΓΓΕΛΛΟΥΝ ὅτι προχθὲς τὴν ἑσπέραν ὁ Γεώργ. Τζότζος τοῦ ἐκ Καλαβρύτων ἐπὶ Πατησίων κατεδικάσθη εἰς πρόστιμον τὴν 12ην ἐρχομένου ἐπανάγει καὶ πρὸς τὸ ἐνοικιασμένον ἔχει σύμβασιν καὶ ἐκβίασθη πρὸς τὸν εἰσαγγελέα διὰ τὸν ἀπαγγελθέντα αὐτὸν τὸν ἐξετασθέντα παρ' αὐτοῦ τὴν ἀνάκρισιν.

ΠΡΟ 10ου ἡμερῶν ὁ ἀστυνόμος τοῦ φαρμακείου Ἀβαλάγιου ὁ κ. Ἐλλῆς ἐπισκεφθεὶς κατάστημα ἐσπερινὸν πρὸ τοῦ Πανεπιστημίου ἀπέδειξε πλέον δὲ τὸν ἐξ αὐτοῦ ἐπὶ πλείστον κατὰ ζητημὴν παραλείπον.

ΘΕΑΤΡΑ

ΝΕΑΠΟΛΕΩΣ. Ἀπὸ τῆς σκηνῆς τοῦ κομψοῦ τούτου θεάτρου θὰ παρασταθῇ διὰ πρώτην φορὰν ἀπόψε τὸ ἔξοχον κωμειδύλλιον μετὰ μουσικῆς εἰς πράξεις μετὰ τὴν ἐν Ἀθήναις παρουσίασιν ὑπὸ τὸ ὄνομα ΙΝΔΙΚΟΝ ΙΠΠΟΔΡΟΜΙΟΝ. Νέα γυμνάσματα ἀκόμη ἀνέκδοτα καὶ ἐντυπωσιακὰ ἐπεισόδια ἐπιτεύχθησαν. Ἀπὸ τῆς 10ης Ἰουνίου ΑΓΑΘΕΑ. Ἀσματα, χοροὶ καὶ θυμέλαι.

ΚΟΙΝΩΝΙΚΑ

Ἐν Ἀτταλίᾳ τῆς Μικρᾶς Ἀσίας ἐκοιμήθη ὁ ἀρχαιότατος τῶν ἐνταῦθα δικηγόρων ὁ κ. Π. Χρυσοβέργης εἰς ἡλικίαν ἐτῶν ὀγδοήκοντα, περὶ τοῦ ὁποίου ἀφοῦ ἐπεσκέφθη ἡ ἱερὰ σύνοδος καὶ ἡ πόλις ἀπέδωκε τιμὰς εἰς τὸν σεβάσμιον.

Μετὰ χαρᾶς ἀγγέλλομεν τοὺς ἀρραβῶνας τῆς χαριεστάτης δεσποινίδος Ἑλένης Βασιλοπούλου. Παρέχομεν τὰ συγχαρητήρια.

Ἐσηκώθη ὁ κ. Α. Δημόπουλος. Ἑορτάζουσι σήμερον καὶ Ἑλλάδα πολλοὶ εὐγενεῖς συγγενεῖς τοῦ κ. Ἀναστασίου Ἰωαννίδου καὶ ἡ κ. Παναγιώτα ἐκ τῶν Ἀθηνῶν.

Ὁ ΤΟΥ ΝΕΥΡΩΝ κοῦ Ἰατρὸς
κ. Βλαβιανὸς δέχεται οἴκοι τὰς πρωΐας ὥρας 8-10 π. μ. καὶ 4-6 μ. μ. καθ' ἑκάστην ὁδὸς Ζήνωνος 16.
ΜΕΛΟΔΡΑΜΑ ΕΝ ΤΩ ΖΑΠΠΕΙΩ

Τὸ Ζάππειον τὸ ὁποῖον πάντοτε κατεῖχε τὰ σκῆπτρα τῆς ρωμαντικότητος κατὰ τὰς θερινὰς περιόδους δὲν θὰ ὑστερήσῃ καὶ φέτος. Ἀπὸ τῆς Κυριακῆς θ' ἀρχίσῃ τὰς παραστάσεις αὐτοῦ ἐν τῷ εὐρυχώρῳ κήπῳ τὸ μελόδραμα, ὑπὸ τὴν διεύθυνσιν τοῦ δοκίμου μουσουργοῦ κ. Γ. Ραγκαίου.

Ὁ θίασος ἀποτελεῖται ἐκ τῶν καλλιτέρων ὑψιφώνων καὶ βαρυφώνων, προσέτι δὲ ὑπάρχει καὶ πλήρης χορὸς καὶ ὀρχήστρα ἐκ 40 καλλιτεχνῶν. Εἰσιτήρια καὶ ἡ εἴσοδος τιμῶνται δραχμὰς 1,50 καὶ θεωρεῖα δραχ. 10.

Η «ΦΙΛΙΠΠΟΣ ΕΘΝΙΚΗ ΕΝ ΕΛΛΑΔΙ»
Γνωστοποιεῖ ὅτι

Ἡ Διευθυντὴς τοῦ ἐν Ἀθήναις Ὀχετοστασίου τῆς Ἑταιρίας ἀνέλαβε τὴν εὐγενοῦς Ἀγγλικοῦ ἀξιωματος ἐπιθεωρητὴν τὴν ἐν golden βραβείῳ τὴν τιμὴν δραχμὰς 35. Πληροφορίαι παρὰ τῷ γραφείῳ 25. Αἱ ἐπιστολαὶ δέον νὰ ἀποστέλλωνται εἰς τὴν διεύθυνσιν τῆς Ἑταιρίας.

Ἐν Ἀθήναις τῇ 4 Ἰουνίου 1902.
(Ἐκ τοῦ γραφείου)

Ἡ ἐν Πειραιεῖ Ἀδελφότης τῶν Ἠπειρωτῶν συνεκάλεσε τὰ μέλη αὐτῆς εἰς γενικὴν συνέλευσιν διὰ τὰς ἀρχαιρεσίας. Ἐπειδὴ ὅμως μὴ ἐπαρκῶν ὁ ἀριθμὸς τῶν προσελθόντων μελῶν, ἡ συνέλευσις ἀνεβλήθη διὰ τὴν προσεχῆ Κυριακήν.

Ὁ ἀπὸ τῆς 9 π. μ. καὶ ἐξῆς θ' ἀρχίσῃ ἡ συνέλευσις παρακαλοῦνται πάντες οἱ ἀδελφοὶ ὅπως προσέλθωσι.

Πολλοὶ Ἠπειρῶται
